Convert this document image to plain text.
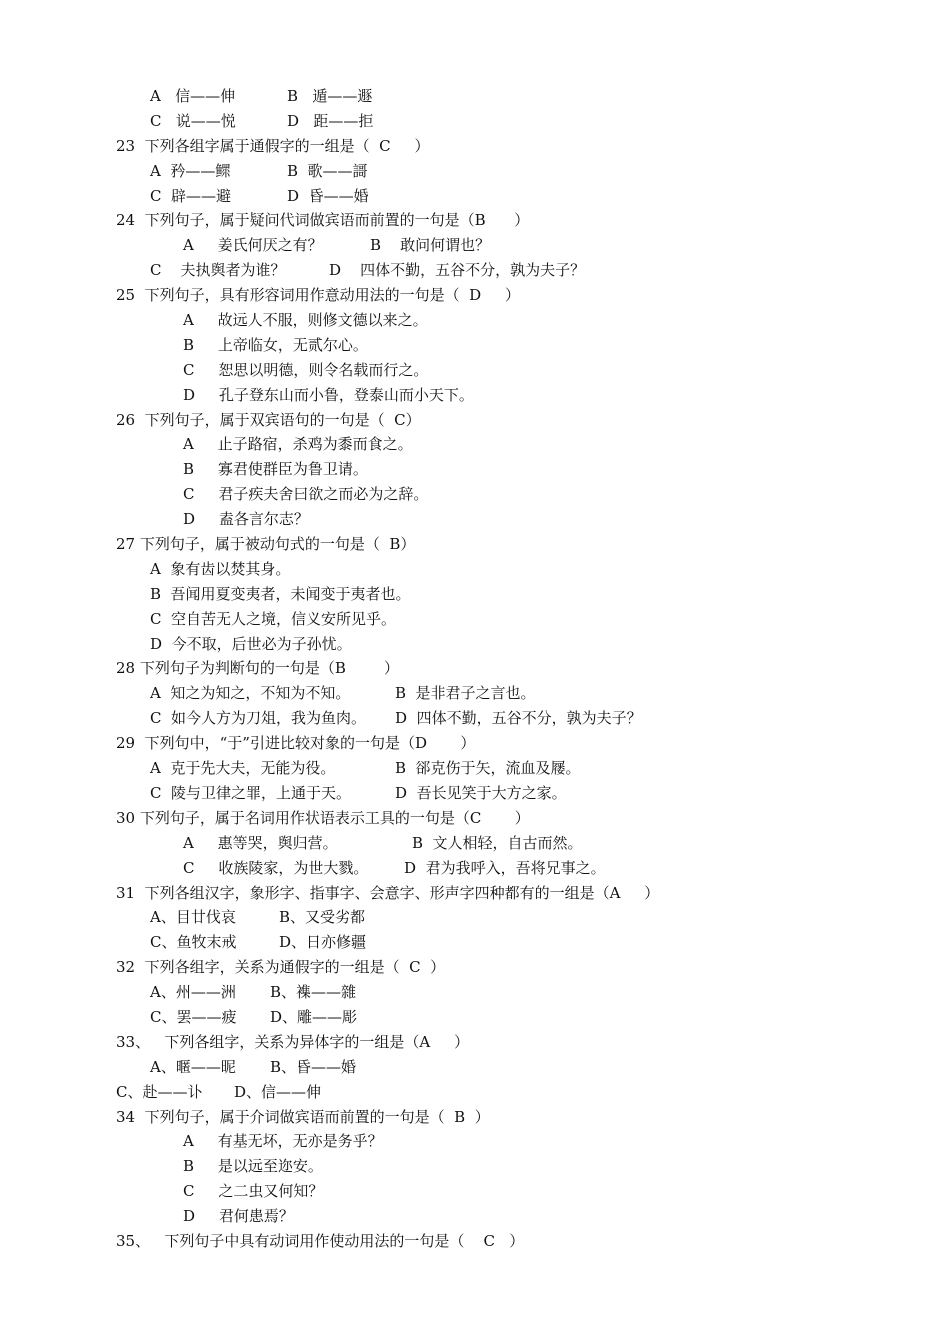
A   信——伸	B   遁——遯
C   说——悦	D   距——拒
23  下列各组字属于通假字的一组是（  C     ）
A  矜——鳏	B  歌——謌
C  辟——避	D  昏——婚
24  下列句子，属于疑问代词做宾语而前置的一句是（B      ）
A     姜氏何厌之有？	B    敢问何谓也？
C    夫执舆者为谁？	D    四体不勤，五谷不分，孰为夫子？
25  下列句子，具有形容词用作意动用法的一句是（  D     ）
A     故远人不服，则修文德以来之。
B     上帝临女，无贰尔心。
C     恕思以明德，则令名载而行之。
D     孔子登东山而小鲁，登泰山而小天下。
26  下列句子，属于双宾语句的一句是（  C）
A     止子路宿，杀鸡为黍而食之。
B     寡君使群臣为鲁卫请。
C     君子疾夫舍曰欲之而必为之辞。
D     盍各言尔志？
27 下列句子，属于被动句式的一句是（  B）
A  象有齿以焚其身。
B  吾闻用夏变夷者，未闻变于夷者也。
C  空自苦无人之境，信义安所见乎。
D  今不取，后世必为子孙忧。
28 下列句子为判断句的一句是（B        ）
A  知之为知之，不知为不知。	B  是非君子之言也。
C  如今人方为刀俎，我为鱼肉。 D  四体不勤，五谷不分，孰为夫子？
29  下列句中，“于”引进比较对象的一句是（D       ）
A  克于先大夫，无能为役。	B  郤克伤于矢，流血及屦。
C  陵与卫律之罪，上通于天。	D  吾长见笑于大方之家。
30 下列句子，属于名词用作状语表示工具的一句是（C       ）
A     惠等哭，舆归营。	B  文人相轻，自古而然。
C     收族陵家，为世大戮。 D  君为我呼入，吾将兄事之。
31  下列各组汉字，象形字、指事字、会意字、形声字四种都有的一组是（A     ）
A、目廿伐哀	B、又受劣都
C、鱼牧末戒	D、日亦修疆
32  下列各组字，关系为通假字的一组是（  C  ）
A、州——洲 B、襍——雜
C、罢——疲 D、雕——彫
33、   下列各组字，关系为异体字的一组是（A     ）
A、暱——昵 B、昏——婚
C、赴——讣 D、信——伸
34  下列句子，属于介词做宾语而前置的一句是（  B  ）
A     有基无坏，无亦是务乎？
B     是以远至迩安。
C     之二虫又何知？
D     君何患焉？
35、   下列句子中具有动词用作使动用法的一句是（    C   ）
